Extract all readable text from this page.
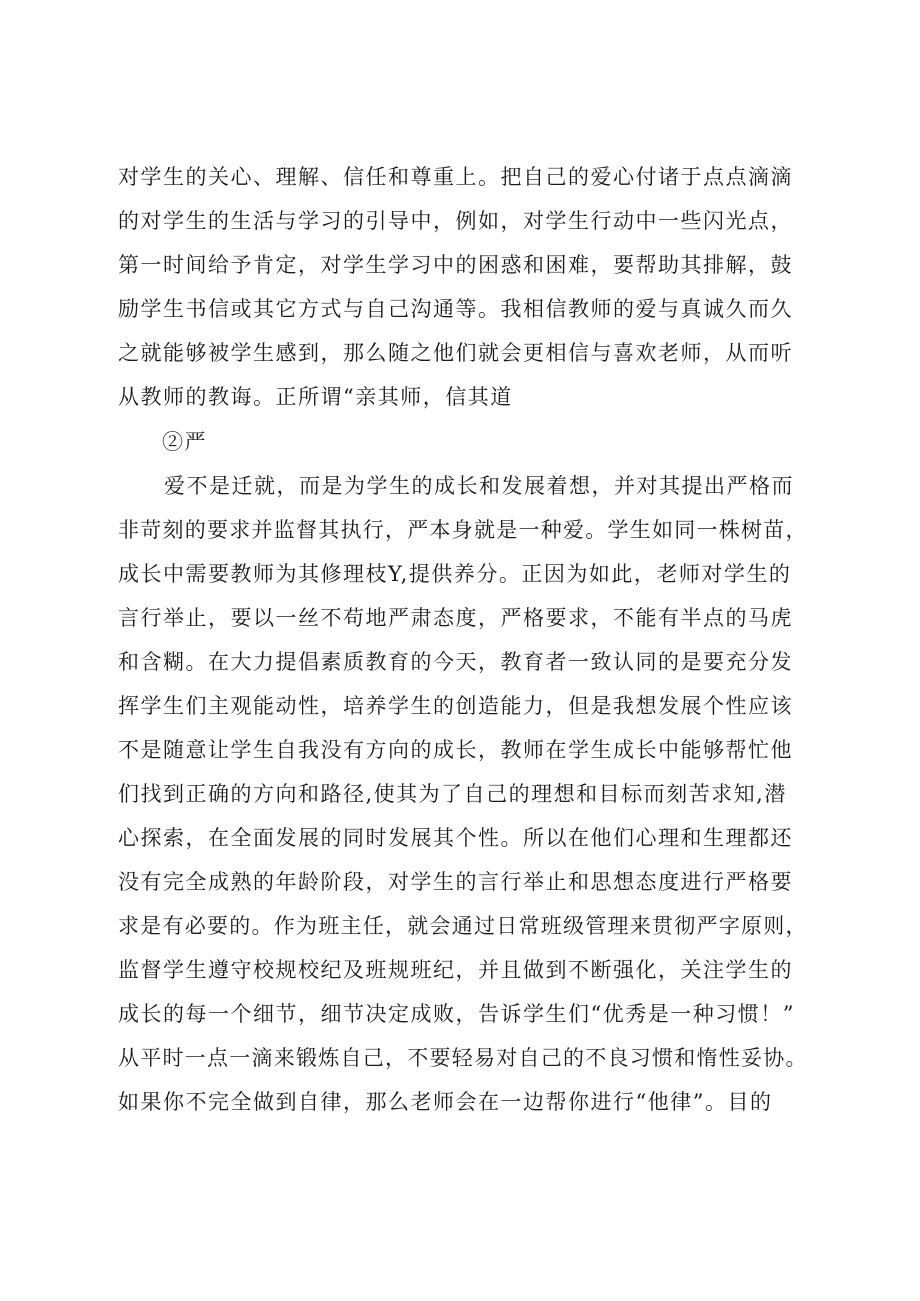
对学生的关心、理解、信任和尊重上。把自己的爱心付诸于点点滴滴
的对学生的生活与学习的引导中，例如，对学生行动中一些闪光点，
第一时间给予肯定，对学生学习中的困惑和困难，要帮助其排解，鼓
励学生书信或其它方式与自己沟通等。我相信教师的爱与真诚久而久
之就能够被学生感到，那么随之他们就会更相信与喜欢老师，从而听
从教师的教诲。正所谓“亲其师，信其道
②严
爱不是迁就，而是为学生的成长和发展着想，并对其提出严格而
非苛刻的要求并监督其执行，严本身就是一种爱。学生如同一株树苗，
成长中需要教师为其修理枝Y,提供养分。正因为如此，老师对学生的
言行举止，要以一丝不苟地严肃态度，严格要求，不能有半点的马虎
和含糊。在大力提倡素质教育的今天，教育者一致认同的是要充分发
挥学生们主观能动性，培养学生的创造能力，但是我想发展个性应该
不是随意让学生自我没有方向的成长，教师在学生成长中能够帮忙他
们找到正确的方向和路径,使其为了自己的理想和目标而刻苦求知,潜
心探索，在全面发展的同时发展其个性。所以在他们心理和生理都还
没有完全成熟的年龄阶段，对学生的言行举止和思想态度进行严格要
求是有必要的。作为班主任，就会通过日常班级管理来贯彻严字原则，
监督学生遵守校规校纪及班规班纪，并且做到不断强化，关注学生的
成长的每一个细节，细节决定成败，告诉学生们“优秀是一种习惯！”
从平时一点一滴来锻炼自己，不要轻易对自己的不良习惯和惰性妥协。
如果你不完全做到自律，那么老师会在一边帮你进行“他律”。目的
